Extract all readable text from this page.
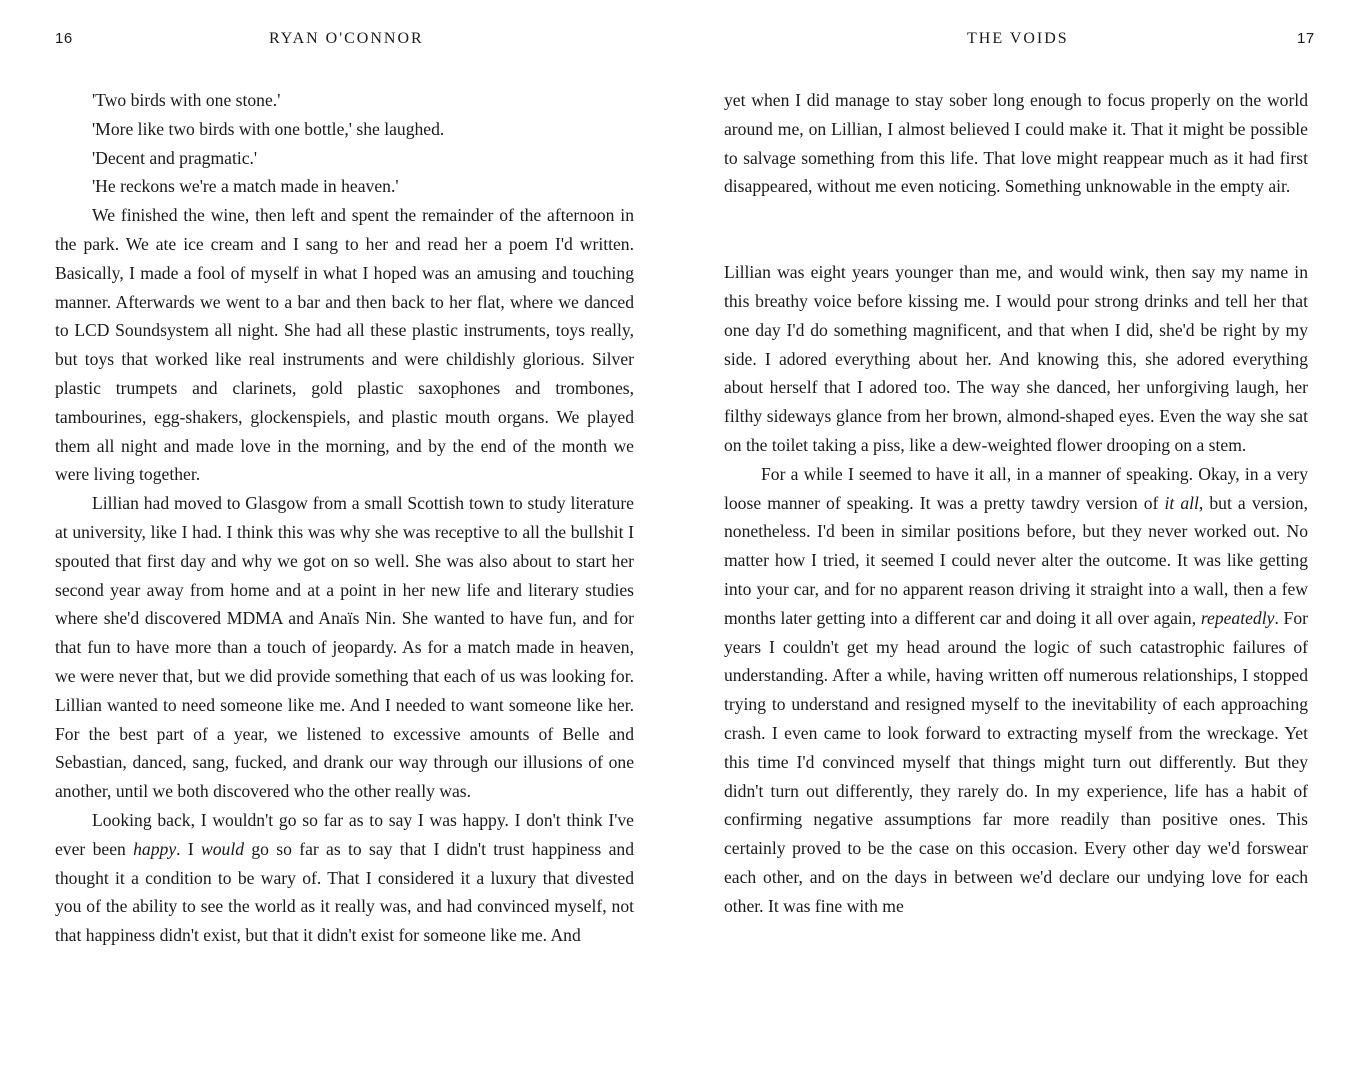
16	RYAN O'CONNOR

'Two birds with one stone.'

'More like two birds with one bottle,' she laughed.

'Decent and pragmatic.'

'He reckons we're a match made in heaven.'

We finished the wine, then left and spent the remainder of the afternoon in the park. We ate ice cream and I sang to her and read her a poem I'd written. Basically, I made a fool of myself in what I hoped was an amusing and touching manner. Afterwards we went to a bar and then back to her flat, where we danced to LCD Soundsystem all night. She had all these plastic instruments, toys really, but toys that worked like real instruments and were childishly glorious. Silver plastic trumpets and clarinets, gold plastic saxophones and trombones, tambourines, egg-shakers, glockenspiels, and plastic mouth organs. We played them all night and made love in the morning, and by the end of the month we were living together.

Lillian had moved to Glasgow from a small Scottish town to study literature at university, like I had. I think this was why she was receptive to all the bullshit I spouted that first day and why we got on so well. She was also about to start her second year away from home and at a point in her new life and literary studies where she'd discovered MDMA and Anaïs Nin. She wanted to have fun, and for that fun to have more than a touch of jeopardy. As for a match made in heaven, we were never that, but we did provide something that each of us was looking for. Lillian wanted to need someone like me. And I needed to want someone like her. For the best part of a year, we listened to excessive amounts of Belle and Sebastian, danced, sang, fucked, and drank our way through our illusions of one another, until we both discovered who the other really was.

Looking back, I wouldn't go so far as to say I was happy. I don't think I've ever been happy. I would go so far as to say that I didn't trust happiness and thought it a condition to be wary of. That I considered it a luxury that divested you of the ability to see the world as it really was, and had convinced myself, not that happiness didn't exist, but that it didn't exist for someone like me. And

THE VOIDS	17

yet when I did manage to stay sober long enough to focus properly on the world around me, on Lillian, I almost believed I could make it. That it might be possible to salvage something from this life. That love might reappear much as it had first disappeared, without me even noticing. Something unknowable in the empty air.

Lillian was eight years younger than me, and would wink, then say my name in this breathy voice before kissing me. I would pour strong drinks and tell her that one day I'd do something magnificent, and that when I did, she'd be right by my side. I adored everything about her. And knowing this, she adored everything about herself that I adored too. The way she danced, her unforgiving laugh, her filthy sideways glance from her brown, almond-shaped eyes. Even the way she sat on the toilet taking a piss, like a dew-weighted flower drooping on a stem.

For a while I seemed to have it all, in a manner of speaking. Okay, in a very loose manner of speaking. It was a pretty tawdry version of it all, but a version, nonetheless. I'd been in similar positions before, but they never worked out. No matter how I tried, it seemed I could never alter the outcome. It was like getting into your car, and for no apparent reason driving it straight into a wall, then a few months later getting into a different car and doing it all over again, repeatedly. For years I couldn't get my head around the logic of such catastrophic failures of understanding. After a while, having written off numerous relationships, I stopped trying to understand and resigned myself to the inevitability of each approaching crash. I even came to look forward to extracting myself from the wreckage. Yet this time I'd convinced myself that things might turn out differently. But they didn't turn out differently, they rarely do. In my experience, life has a habit of confirming negative assumptions far more readily than positive ones. This certainly proved to be the case on this occasion. Every other day we'd forswear each other, and on the days in between we'd declare our undying love for each other. It was fine with me
